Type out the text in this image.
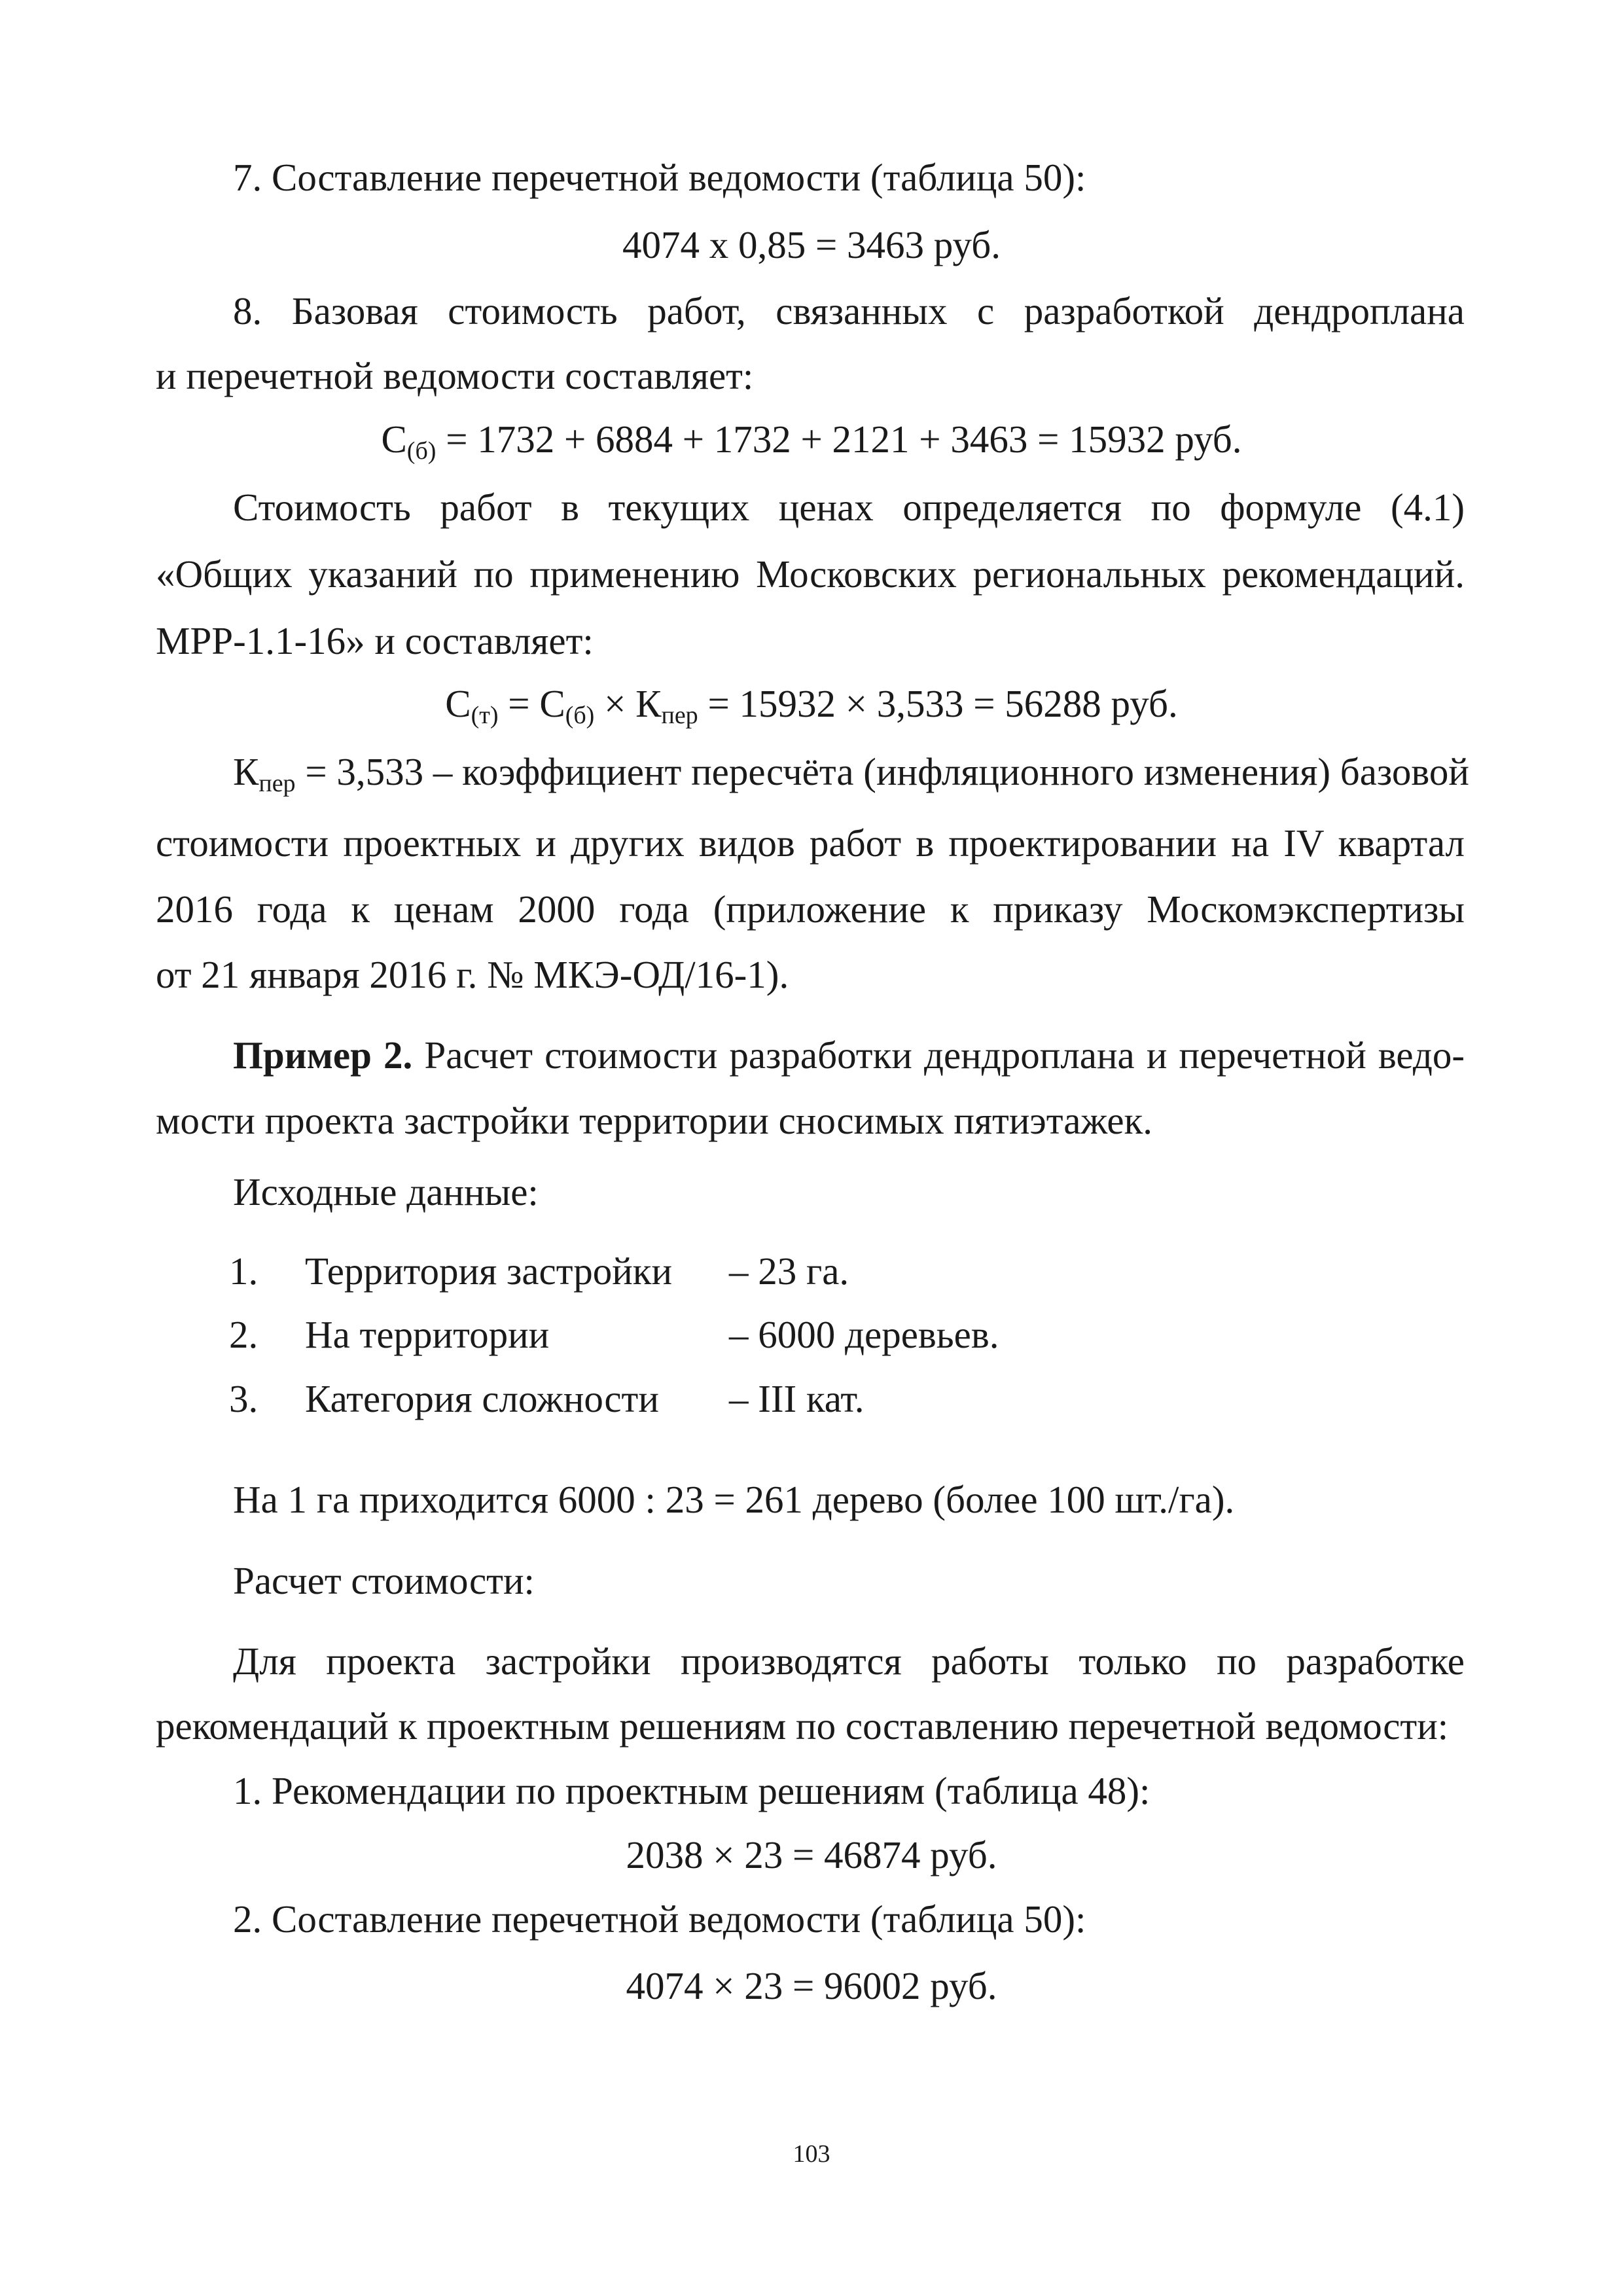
7. Составление перечетной ведомости (таблица 50):
4074 х 0,85 = 3463 руб.
8. Базовая стоимость работ, связанных с разработкой дендроплана
и перечетной ведомости составляет:
$С_{(б)} = 1732 + 6884 + 1732 + 2121 + 3463 = 15932$ руб.
Стоимость работ в текущих ценах определяется по формуле (4.1)
«Общих указаний по применению Московских региональных рекомендаций.
МРР-1.1-16» и составляет:
$С_{(т)} = С_{(б)} \times К_{пер} = 15932 \times 3,533 = 56288$ руб.
$К_{пер} = 3,533$ – коэффициент пересчёта (инфляционного изменения) базовой
стоимости проектных и других видов работ в проектировании на IV квартал
2016 года к ценам 2000 года (приложение к приказу Москомэкспертизы
от 21 января 2016 г. № МКЭ-ОД/16-1).
Пример 2. Расчет стоимости разработки дендроплана и перечетной ведо-
мости проекта застройки территории сносимых пятиэтажек.
Исходные данные:
1. Территория застройки – 23 га.
2. На территории	– 6000 деревьев.
3. Категория сложности – III кат.
На 1 га приходится 6000 : 23 = 261 дерево (более 100 шт./га).
Расчет стоимости:
Для проекта застройки производятся работы только по разработке
рекомендаций к проектным решениям по составлению перечетной ведомости:
1. Рекомендации по проектным решениям (таблица 48):
2038 × 23 = 46874 руб.
2. Составление перечетной ведомости (таблица 50):
4074 × 23 = 96002 руб.
103
